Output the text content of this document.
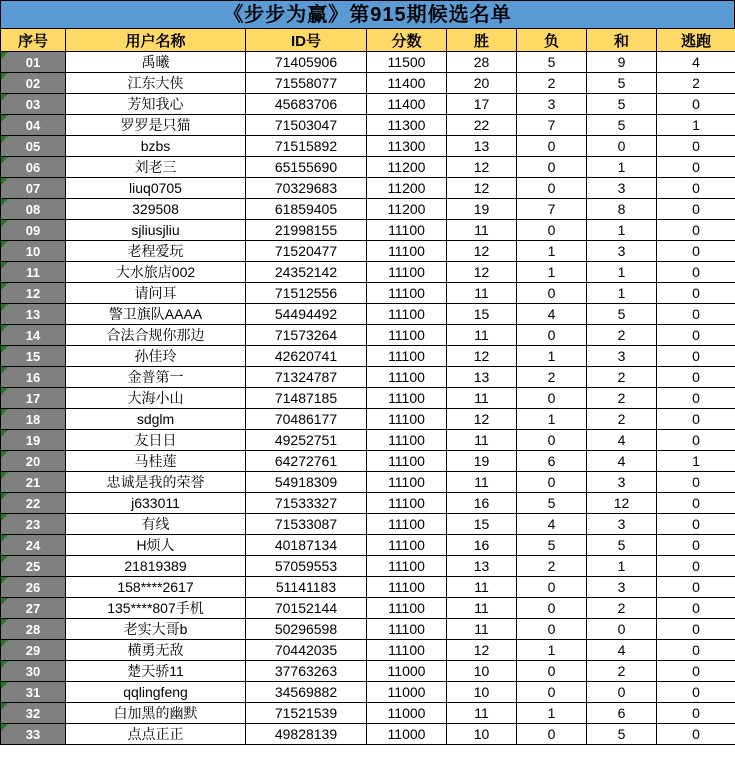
《步步为赢》第915期候选名单
序号	用户名称	ID号	分数	胜	负	和	逃跑

01	禹曦	71405906	11500	28	5	9	4

02	江东大侠	71558077	11400	20	2	5	2

03	芳知我心	45683706	11400	17	3	5	0

04	罗罗是只猫	71503047	11300	22	7	5	1

05	bzbs	71515892	11300	13	0	0	0

06	刘老三	65155690	11200	12	0	1	0

07	liuq0705	70329683	11200	12	0	3	0

08	329508	61859405	11200	19	7	8	0

09	sjliusjliu	21998155	11100	11	0	1	0

10	老程爱玩	71520477	11100	12	1	3	0

11	大水旅店002	24352142	11100	12	1	1	0

12	请问耳	71512556	11100	11	0	1	0

13	警卫旗队AAAA	54494492	11100	15	4	5	0

14	合法合规你那边	71573264	11100	11	0	2	0

15	孙佳玲	42620741	11100	12	1	3	0

16	金普第一	71324787	11100	13	2	2	0

17	大海小山	71487185	11100	11	0	2	0

18	sdglm	70486177	11100	12	1	2	0

19	友日日	49252751	11100	11	0	4	0

20	马桂莲	64272761	11100	19	6	4	1

21	忠诚是我的荣誉	54918309	11100	11	0	3	0

22	j633011	71533327	11100	16	5	12	0

23	有线	71533087	11100	15	4	3	0

24	H烦人	40187134	11100	16	5	5	0

25	21819389	57059553	11100	13	2	1	0

26	158****2617	51141183	11100	11	0	3	0

27	135****807手机	70152144	11100	11	0	2	0

28	老实大哥b	50296598	11100	11	0	0	0

29	横勇无敌	70442035	11100	12	1	4	0

30	楚天骄11	37763263	11000	10	0	2	0

31	qqlingfeng	34569882	11000	10	0	0	0

32	白加黑的幽默	71521539	11000	11	1	6	0

33	点点正正	49828139	11000	10	0	5	0
